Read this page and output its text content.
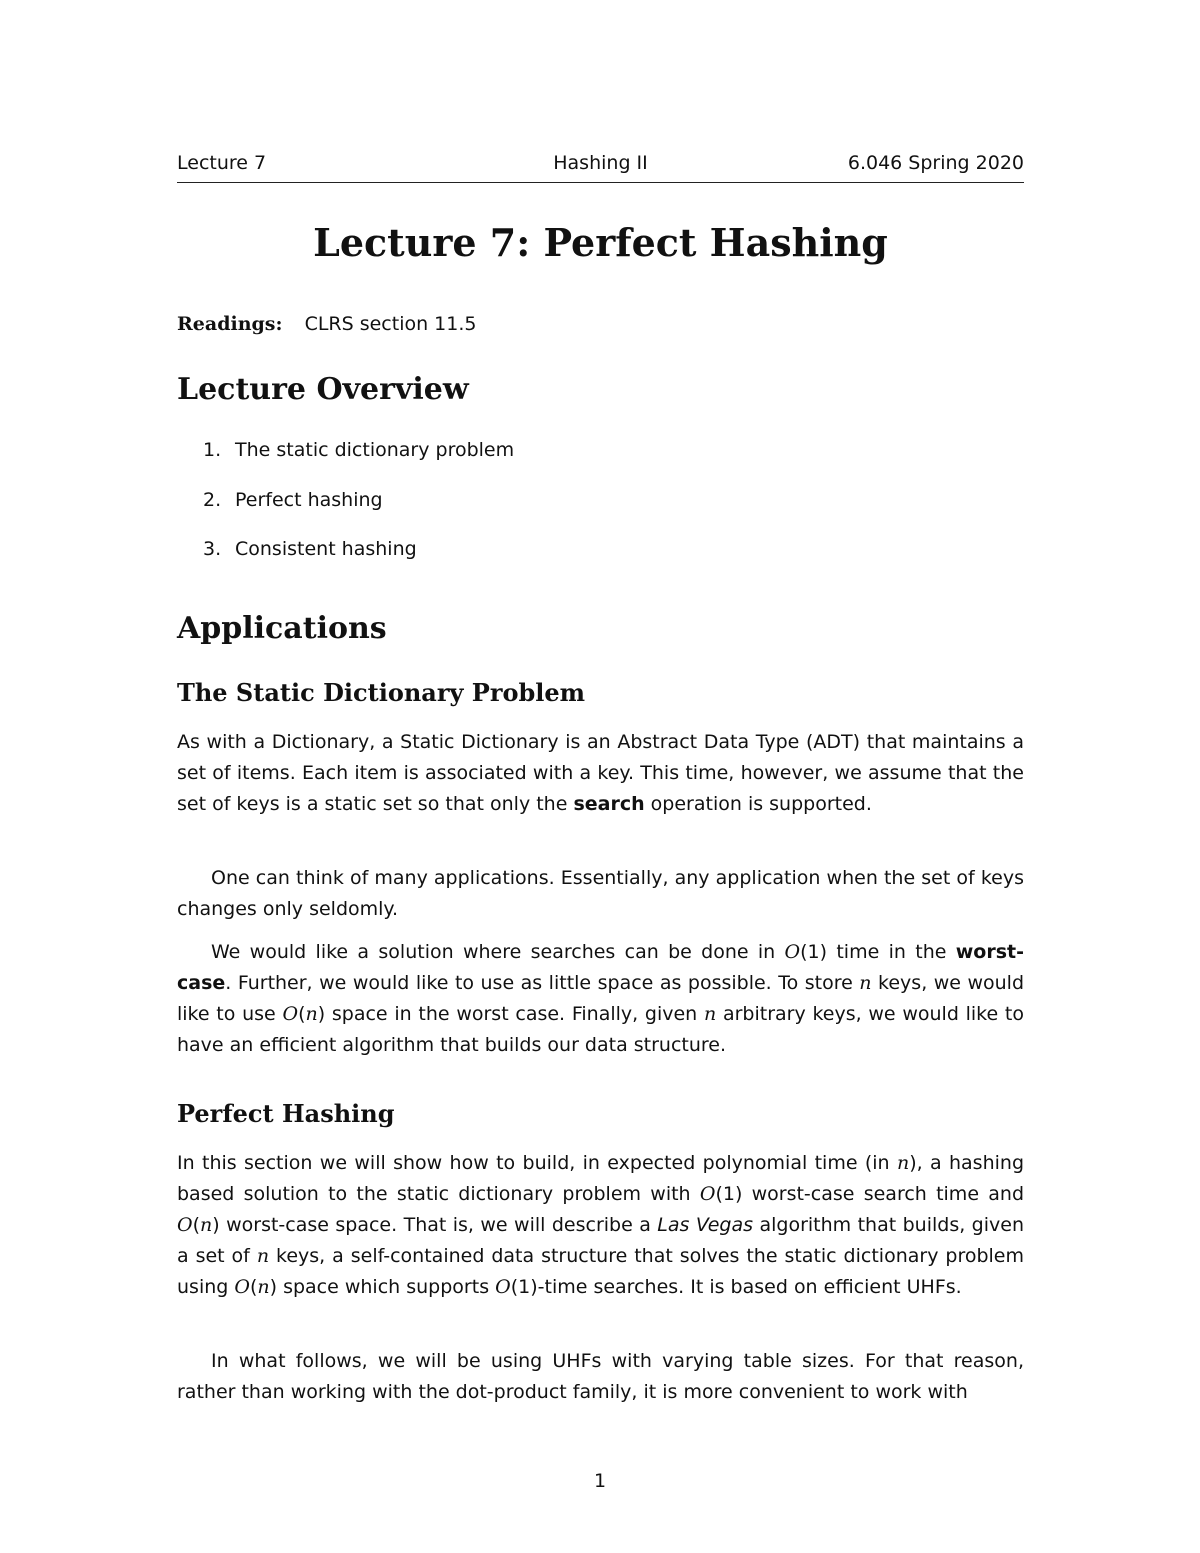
Lecture 7	Hashing II	6.046 Spring 2020
Lecture 7: Perfect Hashing
Readings: CLRS section 11.5
Lecture Overview
1. The static dictionary problem
2. Perfect hashing
3. Consistent hashing
Applications
The Static Dictionary Problem
As with a Dictionary, a Static Dictionary is an Abstract Data Type (ADT) that maintains a set of items. Each item is associated with a key. This time, however, we assume that the set of keys is a static set so that only the search operation is supported.
One can think of many applications. Essentially, any application when the set of keys changes only seldomly.
We would like a solution where searches can be done in O(1) time in the worst-case. Further, we would like to use as little space as possible. To store n keys, we would like to use O(n) space in the worst case. Finally, given n arbitrary keys, we would like to have an efficient algorithm that builds our data structure.
Perfect Hashing
In this section we will show how to build, in expected polynomial time (in n), a hashing based solution to the static dictionary problem with O(1) worst-case search time and O(n) worst-case space. That is, we will describe a Las Vegas algorithm that builds, given a set of n keys, a self-contained data structure that solves the static dictionary problem using O(n) space which supports O(1)-time searches. It is based on efficient UHFs.
In what follows, we will be using UHFs with varying table sizes. For that reason, rather than working with the dot-product family, it is more convenient to work with
1
